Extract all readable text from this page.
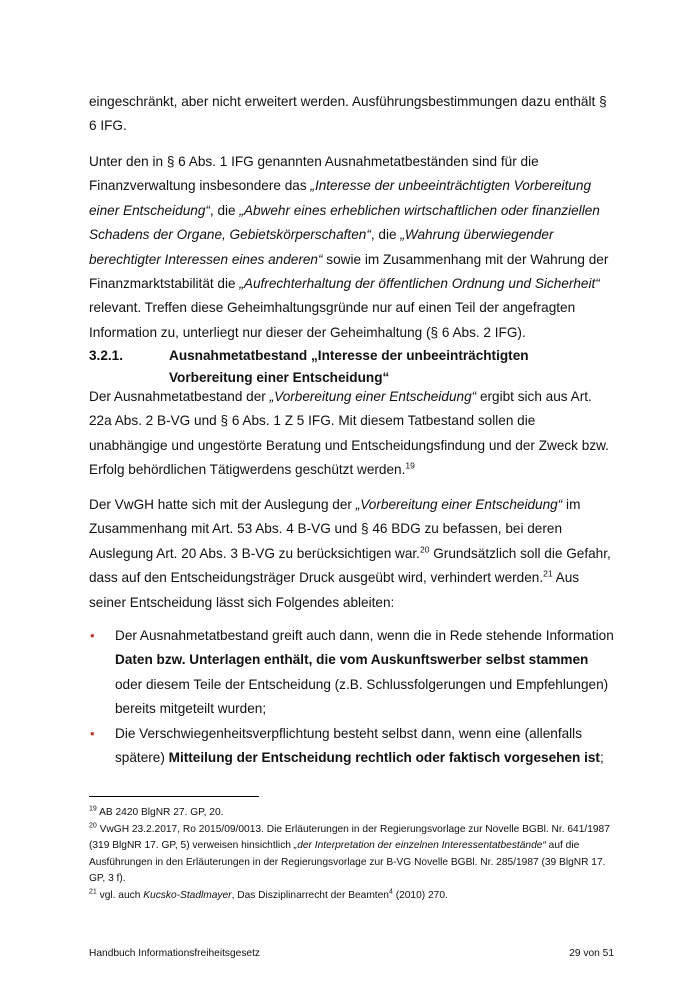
eingeschränkt, aber nicht erweitert werden. Ausführungsbestimmungen dazu enthält § 6 IFG.

Unter den in § 6 Abs. 1 IFG genannten Ausnahmetatbeständen sind für die Finanzverwaltung insbesondere das „Interesse der unbeeinträchtigten Vorbereitung einer Entscheidung“, die „Abwehr eines erheblichen wirtschaftlichen oder finanziellen Schadens der Organe, Gebietskörperschaften“, die „Wahrung überwiegender berechtigter Interessen eines anderen“ sowie im Zusammenhang mit der Wahrung der Finanzmarktstabilität die „Aufrechterhaltung der öffentlichen Ordnung und Sicherheit“ relevant. Treffen diese Geheimhaltungsgründe nur auf einen Teil der angefragten Information zu, unterliegt nur dieser der Geheimhaltung (§ 6 Abs. 2 IFG).

3.2.1.	Ausnahmetatbestand „Interesse der unbeeinträchtigten Vorbereitung einer Entscheidung“

Der Ausnahmetatbestand der „Vorbereitung einer Entscheidung“ ergibt sich aus Art. 22a Abs. 2 B-VG und § 6 Abs. 1 Z 5 IFG. Mit diesem Tatbestand sollen die unabhängige und ungestörte Beratung und Entscheidungsfindung und der Zweck bzw. Erfolg behördlichen Tätigwerdens geschützt werden.$^{19}$

Der VwGH hatte sich mit der Auslegung der „Vorbereitung einer Entscheidung“ im Zusammenhang mit Art. 53 Abs. 4 B-VG und § 46 BDG zu befassen, bei deren Auslegung Art. 20 Abs. 3 B-VG zu berücksichtigen war.$^{20}$ Grundsätzlich soll die Gefahr, dass auf den Entscheidungsträger Druck ausgeübt wird, verhindert werden.$^{21}$ Aus seiner Entscheidung lässt sich Folgendes ableiten:

• Der Ausnahmetatbestand greift auch dann, wenn die in Rede stehende Information Daten bzw. Unterlagen enthält, die vom Auskunftswerber selbst stammen oder diesem Teile der Entscheidung (z.B. Schlussfolgerungen und Empfehlungen) bereits mitgeteilt wurden;
• Die Verschwiegenheitsverpflichtung besteht selbst dann, wenn eine (allenfalls spätere) Mitteilung der Entscheidung rechtlich oder faktisch vorgesehen ist;
$^{19}$ AB 2420 BlgNR 27. GP, 20.
$^{20}$ VwGH 23.2.2017, Ro 2015/09/0013. Die Erläuterungen in der Regierungsvorlage zur Novelle BGBl. Nr. 641/1987 (319 BlgNR 17. GP, 5) verweisen hinsichtlich „der Interpretation der einzelnen Interessentatbestände“ auf die Ausführungen in den Erläuterungen in der Regierungsvorlage zur B-VG Novelle BGBl. Nr. 285/1987 (39 BlgNR 17. GP, 3 f).
$^{21}$ vgl. auch Kucsko-Stadlmayer, Das Disziplinarrecht der Beamten$^4$ (2010) 270.
Handbuch Informationsfreiheitsgesetz	29 von 51
